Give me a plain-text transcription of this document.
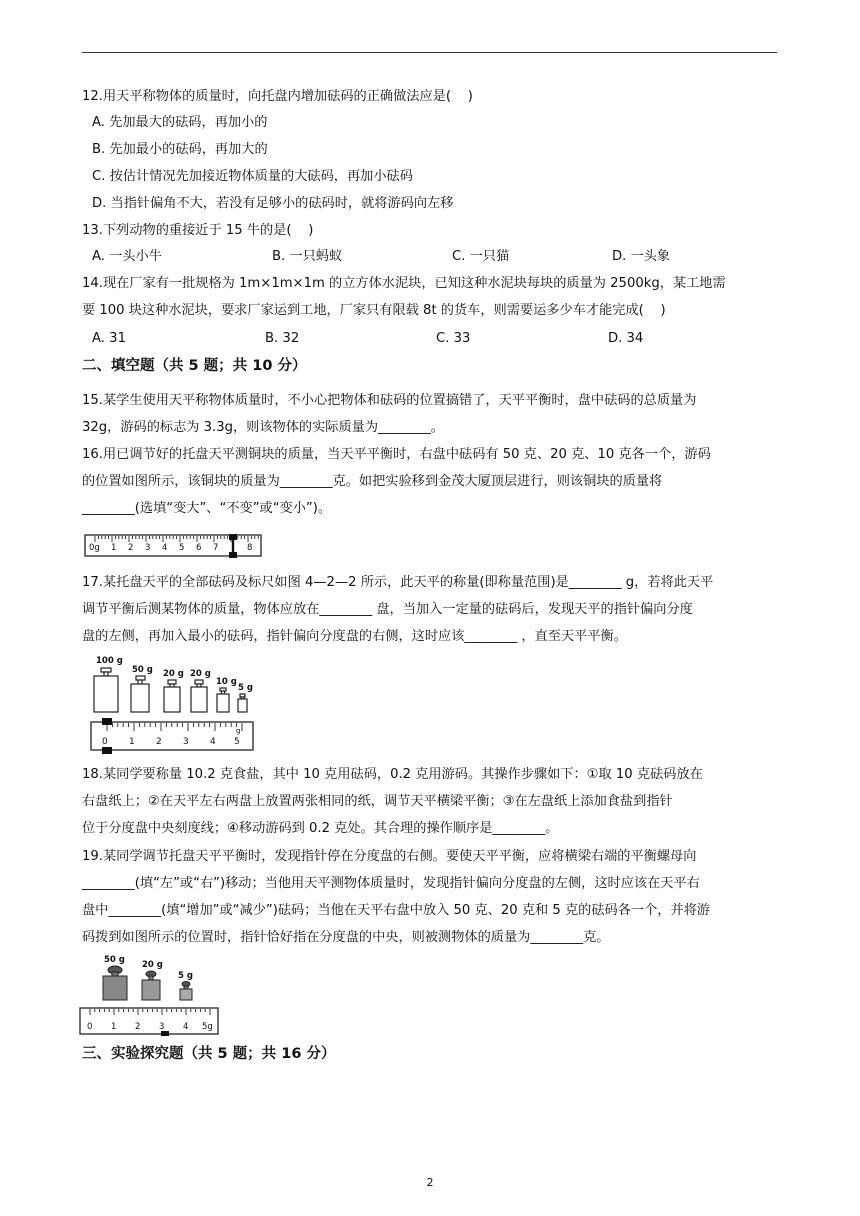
12.用天平称物体的质量时，向托盘内增加砝码的正确做法应是(    )
A. 先加最大的砝码，再加小的
B. 先加最小的砝码，再加大的
C. 按估计情况先加接近物体质量的大砝码，再加小砝码
D. 当指针偏角不大，若没有足够小的砝码时，就将游码向左移
13.下列动物的重接近于 15 牛的是(    )
A. 一头小牛	B. 一只蚂蚁	C. 一只猫	D. 一头象
14.现在厂家有一批规格为 1m×1m×1m 的立方体水泥块，已知这种水泥块每块的质量为 2500kg，某工地需
要 100 块这种水泥块，要求厂家运到工地，厂家只有限载 8t 的货车，则需要运多少车才能完成(    )
A. 31	B. 32	C. 33	D. 34
二、填空题（共 5 题；共 10 分）
15.某学生使用天平称物体质量时，不小心把物体和砝码的位置搞错了，天平平衡时，盘中砝码的总质量为
32g，游码的标志为 3.3g，则该物体的实际质量为________。
16.用已调节好的托盘天平测铜块的质量，当天平平衡时，右盘中砝码有 50 克、20 克、10 克各一个，游码
的位置如图所示，该铜块的质量为________克。如把实验移到金茂大厦顶层进行，则该铜块的质量将
________(选填“变大”、“不变”或“变小”)。
0g 1 2 3 4 5 6 7	8
17.某托盘天平的全部砝码及标尺如图 4—2—2 所示，此天平的称量(即称量范围)是________ g，若将此天平
调节平衡后测某物体的质量，物体应放在________ 盘，当加入一定量的砝码后，发现天平的指针偏向分度
盘的左侧，再加入最小的砝码，指针偏向分度盘的右侧，这时应该________ ，直至天平平衡。
100 g
50 g 20 g 20 g
10 g
5 g
0 1 2 3 4 5
g
18.某同学要称量 10.2 克食盐，其中 10 克用砝码，0.2 克用游码。其操作步骤如下：①取 10 克砝码放在
右盘纸上；②在天平左右两盘上放置两张相同的纸，调节天平横梁平衡；③在左盘纸上添加食盐到指针
位于分度盘中央刻度线；④移动游码到 0.2 克处。其合理的操作顺序是________。
19.某同学调节托盘天平平衡时，发现指针停在分度盘的右侧。要使天平平衡，应将横梁右端的平衡螺母向
________(填“左”或“右”)移动；当他用天平测物体质量时，发现指针偏向分度盘的左侧，这时应该在天平右
盘中________(填“增加”或“减少”)砝码；当他在天平右盘中放入 50 克、20 克和 5 克的砝码各一个，并将游
码拨到如图所示的位置时，指针恰好指在分度盘的中央，则被测物体的质量为________克。
50 g 20 g
5 g
0 1 2 3 4 5g
三、实验探究题（共 5 题；共 16 分）
2
